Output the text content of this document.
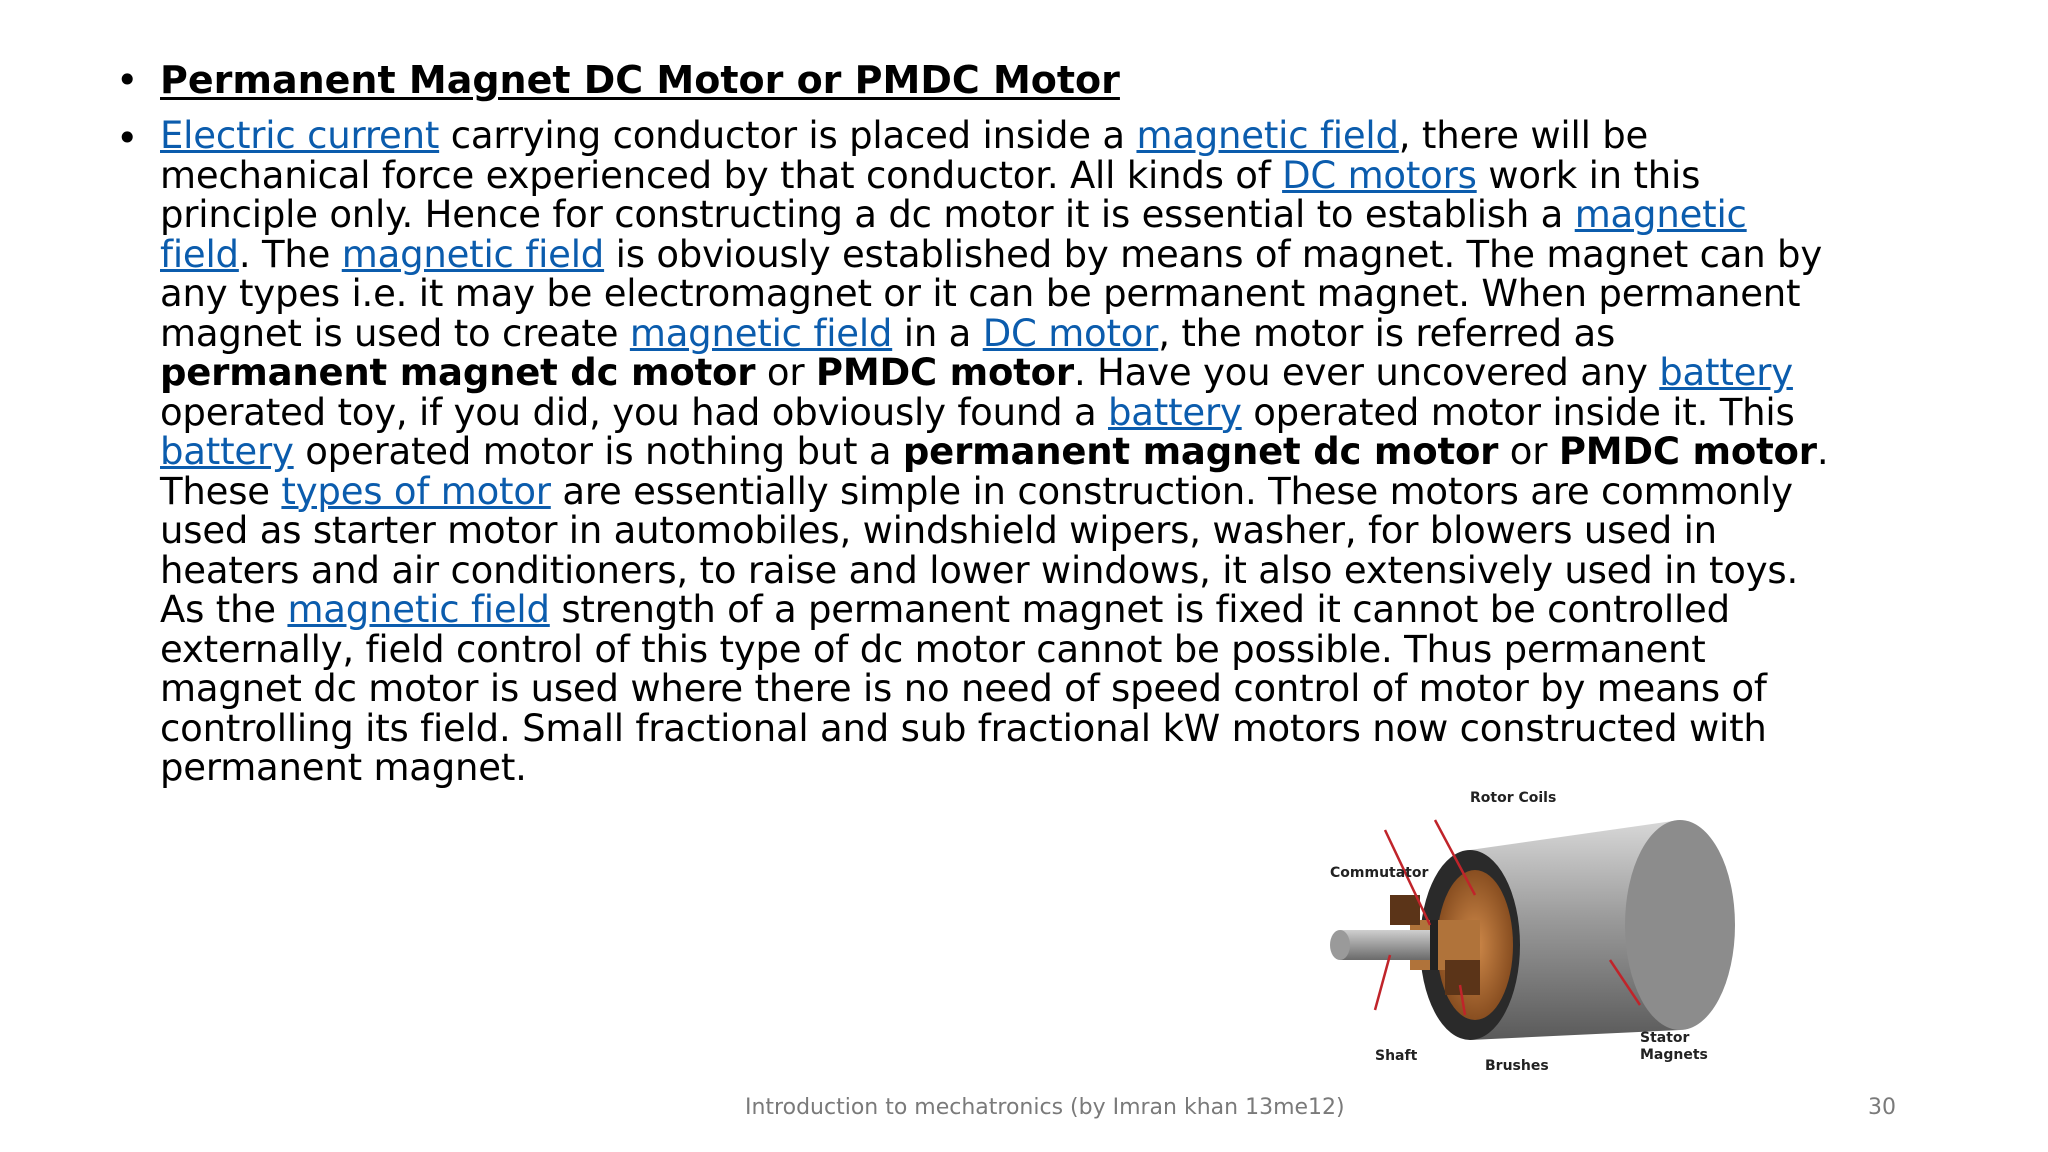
• Permanent Magnet DC Motor or PMDC Motor
• Electric current carrying conductor is placed inside a magnetic field, there will be mechanical force experienced by that conductor. All kinds of DC motors work in this principle only. Hence for constructing a dc motor it is essential to establish a magnetic field. The magnetic field is obviously established by means of magnet. The magnet can by any types i.e. it may be electromagnet or it can be permanent magnet. When permanent magnet is used to create magnetic field in a DC motor, the motor is referred as permanent magnet dc motor or PMDC motor. Have you ever uncovered any battery operated toy, if you did, you had obviously found a battery operated motor inside it. This battery operated motor is nothing but a permanent magnet dc motor or PMDC motor. These types of motor are essentially simple in construction. These motors are commonly used as starter motor in automobiles, windshield wipers, washer, for blowers used in heaters and air conditioners, to raise and lower windows, it also extensively used in toys. As the magnetic field strength of a permanent magnet is fixed it cannot be controlled externally, field control of this type of dc motor cannot be possible. Thus permanent magnet dc motor is used where there is no need of speed control of motor by means of controlling its field. Small fractional and sub fractional kW motors now constructed with permanent magnet.
Rotor Coils
Commutator
Shaft
Brushes
Stator
Magnets
Introduction to mechatronics (by Imran khan 13me12)	30
